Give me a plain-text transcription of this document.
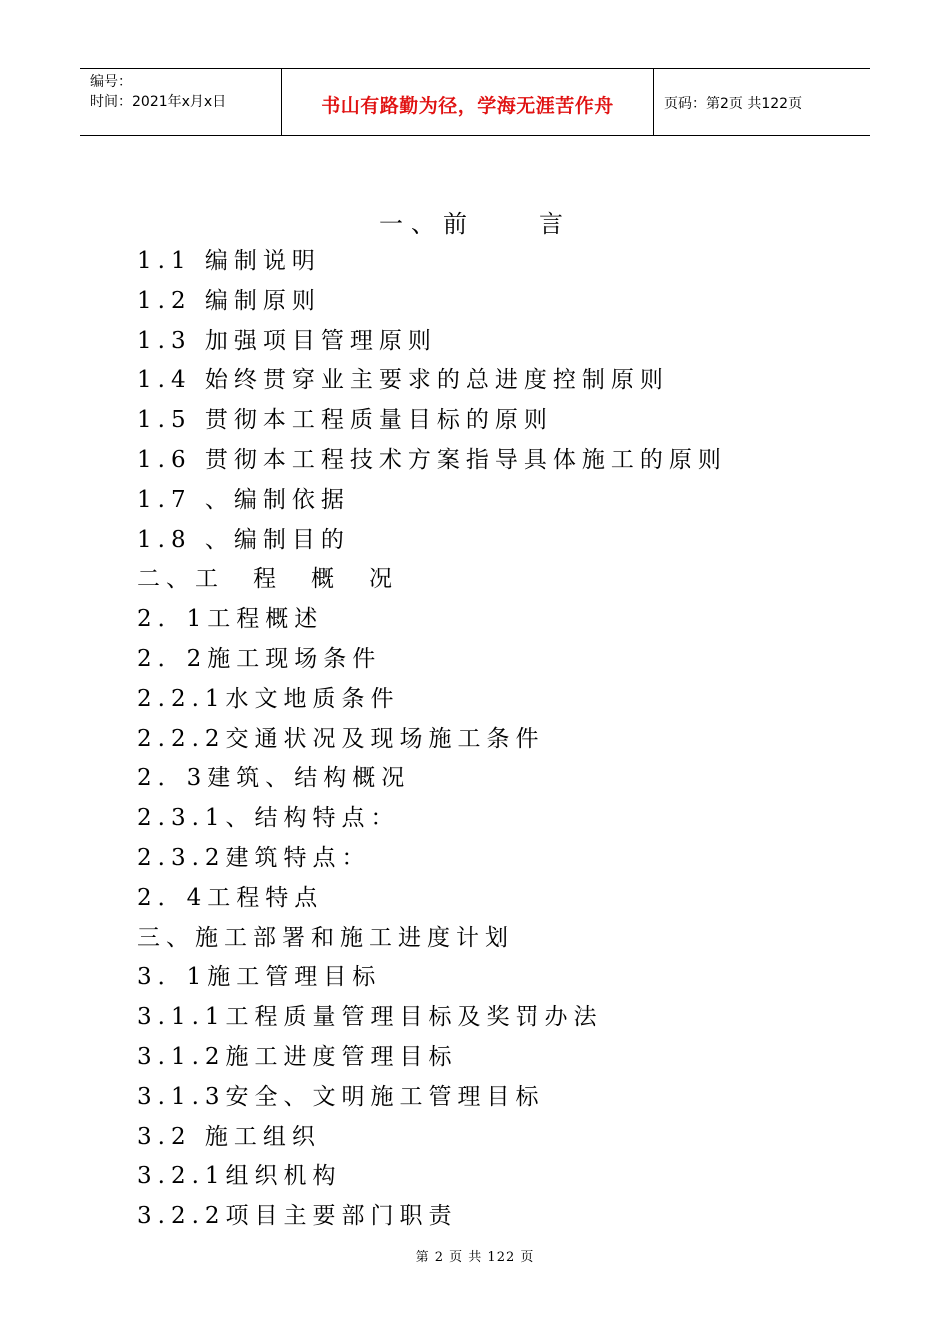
编号：
时间：2021年x月x日	书山有路勤为径，学海无涯苦作舟	页码：第2页 共122页
一、前　　言
1.1 编制说明
1.2 编制原则
1.3 加强项目管理原则
1.4 始终贯穿业主要求的总进度控制原则
1.5 贯彻本工程质量目标的原则
1.6 贯彻本工程技术方案指导具体施工的原则
1.7 、编制依据
1.8 、编制目的
二、工　程　概　况
2．1工程概述
2．2施工现场条件
2.2.1水文地质条件
2.2.2交通状况及现场施工条件
2．3建筑、结构概况
2.3.1、结构特点：
2.3.2建筑特点：
2．4工程特点
三、施工部署和施工进度计划
3．1施工管理目标
3.1.1工程质量管理目标及奖罚办法
3.1.2施工进度管理目标
3.1.3安全、文明施工管理目标
3.2 施工组织
3.2.1组织机构
3.2.2项目主要部门职责
第 2 页 共 122 页
